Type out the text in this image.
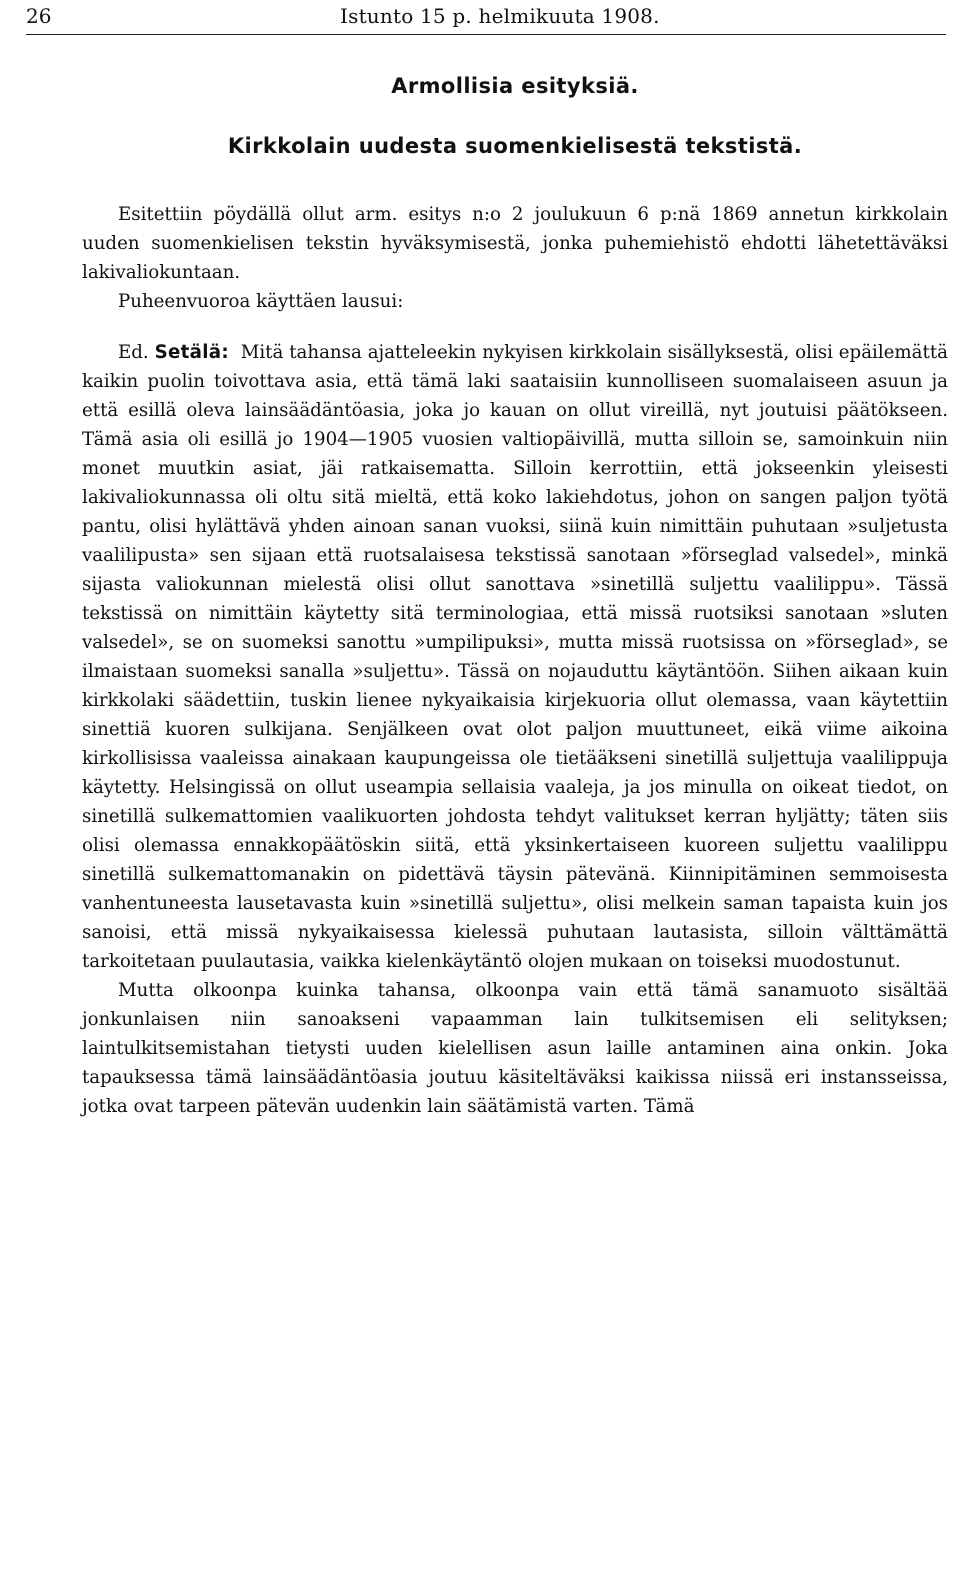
26	Istunto 15 p. helmikuuta 1908.
Armollisia esityksiä.
Kirkkolain uudesta suomenkielisestä tekstistä.

Esitettiin pöydällä ollut arm. esitys n:o 2 joulukuun 6 p:nä 1869 annetun kirkkolain uuden suomenkielisen tekstin hyväksymisestä, jonka puhemiehistö ehdotti lähetettäväksi lakivaliokuntaan.

Puheenvuoroa käyttäen lausui:

Ed. Setälä: Mitä tahansa ajatteleekin nykyisen kirkkolain sisällyksestä, olisi epäilemättä kaikin puolin toivottava asia, että tämä laki saataisiin kunnolliseen suomalaiseen asuun ja että esillä oleva lainsäädäntöasia, joka jo kauan on ollut vireillä, nyt joutuisi päätökseen. Tämä asia oli esillä jo 1904—1905 vuosien valtiopäivillä, mutta silloin se, samoinkuin niin monet muutkin asiat, jäi ratkaisematta. Silloin kerrottiin, että jokseenkin yleisesti lakivaliokunnassa oli oltu sitä mieltä, että koko lakiehdotus, johon on sangen paljon työtä pantu, olisi hylättävä yhden ainoan sanan vuoksi, siinä kuin nimittäin puhutaan »suljetusta vaalilipusta» sen sijaan että ruotsalaisesa tekstissä sanotaan »förseglad valsedel», minkä sijasta valiokunnan mielestä olisi ollut sanottava »sinetillä suljettu vaalilippu». Tässä tekstissä on nimittäin käytetty sitä terminologiaa, että missä ruotsiksi sanotaan »sluten valsedel», se on suomeksi sanottu »umpilipuksi», mutta missä ruotsissa on »förseglad», se ilmaistaan suomeksi sanalla »suljettu». Tässä on nojauduttu käytäntöön. Siihen aikaan kuin kirkkolaki säädettiin, tuskin lienee nykyaikaisia kirjekuoria ollut olemassa, vaan käytettiin sinettiä kuoren sulkijana. Senjälkeen ovat olot paljon muuttuneet, eikä viime aikoina kirkollisissa vaaleissa ainakaan kaupungeissa ole tietääkseni sinetillä suljettuja vaalilippuja käytetty. Helsingissä on ollut useampia sellaisia vaaleja, ja jos minulla on oikeat tiedot, on sinetillä sulkemattomien vaalikuorten johdosta tehdyt valitukset kerran hyljätty; täten siis olisi olemassa ennakkopäätöskin siitä, että yksinkertaiseen kuoreen suljettu vaalilippu sinetillä sulkemattomanakin on pidettävä täysin pätevänä. Kiinnipitäminen semmoisesta vanhentuneesta lausetavasta kuin »sinetillä suljettu», olisi melkein saman tapaista kuin jos sanoisi, että missä nykyaikaisessa kielessä puhutaan lautasista, silloin välttämättä tarkoitetaan puulautasia, vaikka kielenkäytäntö olojen mukaan on toiseksi muodostunut.

Mutta olkoonpa kuinka tahansa, olkoonpa vain että tämä sanamuoto sisältää jonkunlaisen niin sanoakseni vapaamman lain tulkitsemisen eli selityksen; laintulkitsemistahan tietysti uuden kielellisen asun laille antaminen aina onkin. Joka tapauksessa tämä lainsäädäntöasia joutuu käsiteltäväksi kaikissa niissä eri instansseissa, jotka ovat tarpeen pätevän uudenkin lain säätämistä varten. Tämä
